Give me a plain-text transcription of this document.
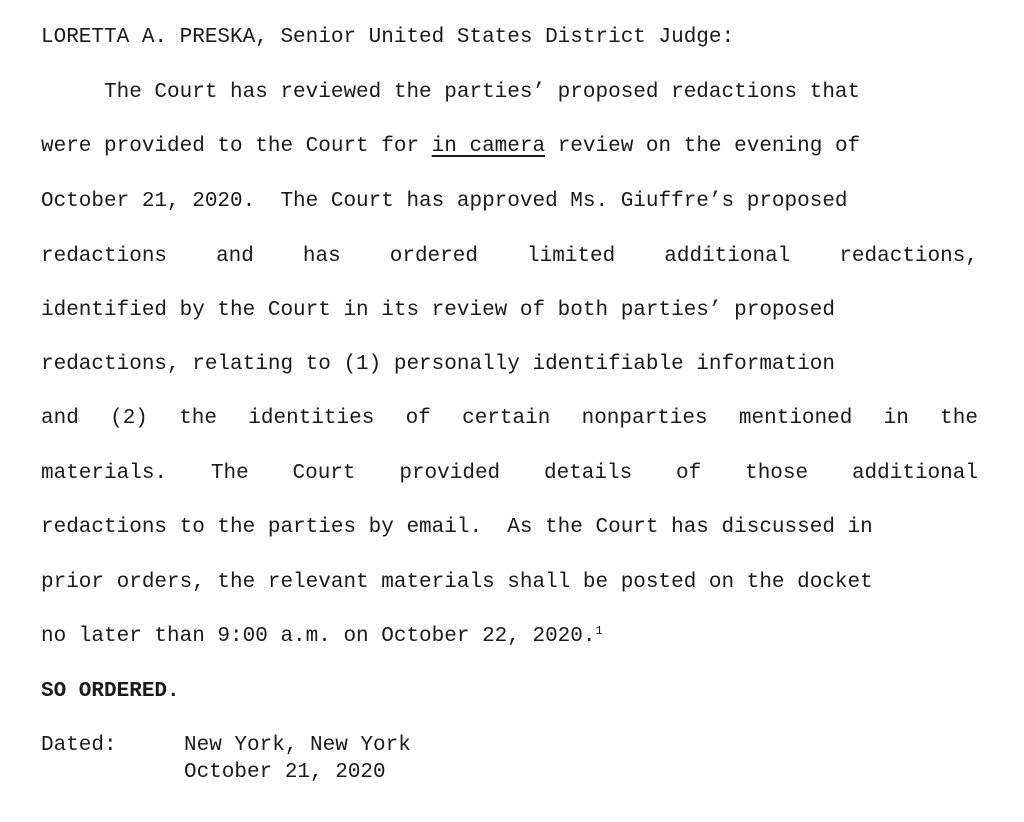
LORETTA A. PRESKA, Senior United States District Judge:
The Court has reviewed the parties’ proposed redactions that
were provided to the Court for in camera review on the evening of
October 21, 2020.  The Court has approved Ms. Giuffre’s proposed
redactions and has ordered limited additional redactions,
identified by the Court in its review of both parties’ proposed
redactions, relating to (1) personally identifiable information
and (2) the identities of certain nonparties mentioned in the
materials. The Court provided details of those additional
redactions to the parties by email.  As the Court has discussed in
prior orders, the relevant materials shall be posted on the docket
no later than 9:00 a.m. on October 22, 2020.$^1$
SO ORDERED.
Dated:	New York, New York
October 21, 2020
